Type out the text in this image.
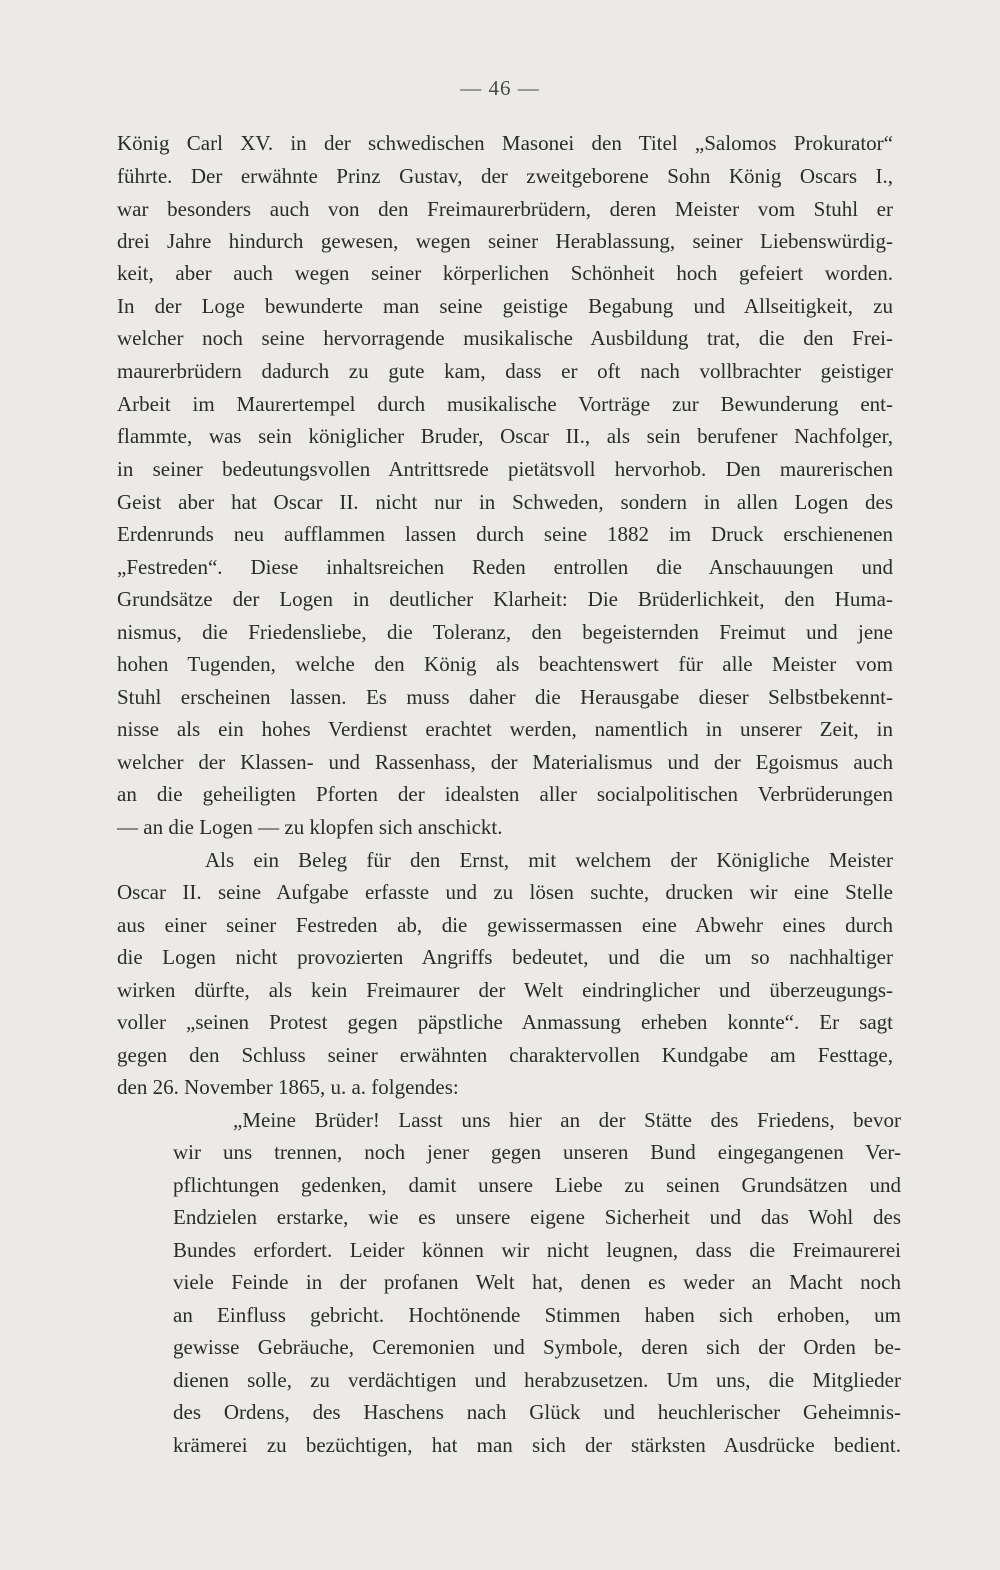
— 46 —

König Carl XV. in der schwedischen Masonei den Titel „Salomos Prokurator“

führte. Der erwähnte Prinz Gustav, der zweitgeborene Sohn König Oscars I.,

war besonders auch von den Freimaurerbrüdern, deren Meister vom Stuhl er

drei Jahre hindurch gewesen, wegen seiner Herablassung, seiner Liebenswürdig-

keit, aber auch wegen seiner körperlichen Schönheit hoch gefeiert worden.

In der Loge bewunderte man seine geistige Begabung und Allseitigkeit, zu

welcher noch seine hervorragende musikalische Ausbildung trat, die den Frei-

maurerbrüdern dadurch zu gute kam, dass er oft nach vollbrachter geistiger

Arbeit im Maurertempel durch musikalische Vorträge zur Bewunderung ent-

flammte, was sein königlicher Bruder, Oscar II., als sein berufener Nachfolger,

in seiner bedeutungsvollen Antrittsrede pietätsvoll hervorhob. Den maurerischen

Geist aber hat Oscar II. nicht nur in Schweden, sondern in allen Logen des

Erdenrunds neu aufflammen lassen durch seine 1882 im Druck erschienenen

„Festreden“. Diese inhaltsreichen Reden entrollen die Anschauungen und

Grundsätze der Logen in deutlicher Klarheit: Die Brüderlichkeit, den Huma-

nismus, die Friedensliebe, die Toleranz, den begeisternden Freimut und jene

hohen Tugenden, welche den König als beachtenswert für alle Meister vom

Stuhl erscheinen lassen. Es muss daher die Herausgabe dieser Selbstbekennt-

nisse als ein hohes Verdienst erachtet werden, namentlich in unserer Zeit, in

welcher der Klassen- und Rassenhass, der Materialismus und der Egoismus auch

an die geheiligten Pforten der idealsten aller socialpolitischen Verbrüderungen

— an die Logen — zu klopfen sich anschickt.

Als ein Beleg für den Ernst, mit welchem der Königliche Meister

Oscar II. seine Aufgabe erfasste und zu lösen suchte, drucken wir eine Stelle

aus einer seiner Festreden ab, die gewissermassen eine Abwehr eines durch

die Logen nicht provozierten Angriffs bedeutet, und die um so nachhaltiger

wirken dürfte, als kein Freimaurer der Welt eindringlicher und überzeugungs-

voller „seinen Protest gegen päpstliche Anmassung erheben konnte“. Er sagt

gegen den Schluss seiner erwähnten charaktervollen Kundgabe am Festtage,

den 26. November 1865, u. a. folgendes:

„Meine Brüder! Lasst uns hier an der Stätte des Friedens, bevor

wir uns trennen, noch jener gegen unseren Bund eingegangenen Ver-

pflichtungen gedenken, damit unsere Liebe zu seinen Grundsätzen und

Endzielen erstarke, wie es unsere eigene Sicherheit und das Wohl des

Bundes erfordert. Leider können wir nicht leugnen, dass die Freimaurerei

viele Feinde in der profanen Welt hat, denen es weder an Macht noch

an Einfluss gebricht. Hochtönende Stimmen haben sich erhoben, um

gewisse Gebräuche, Ceremonien und Symbole, deren sich der Orden be-

dienen solle, zu verdächtigen und herabzusetzen. Um uns, die Mitglieder

des Ordens, des Haschens nach Glück und heuchlerischer Geheimnis-

krämerei zu bezüchtigen, hat man sich der stärksten Ausdrücke bedient.
